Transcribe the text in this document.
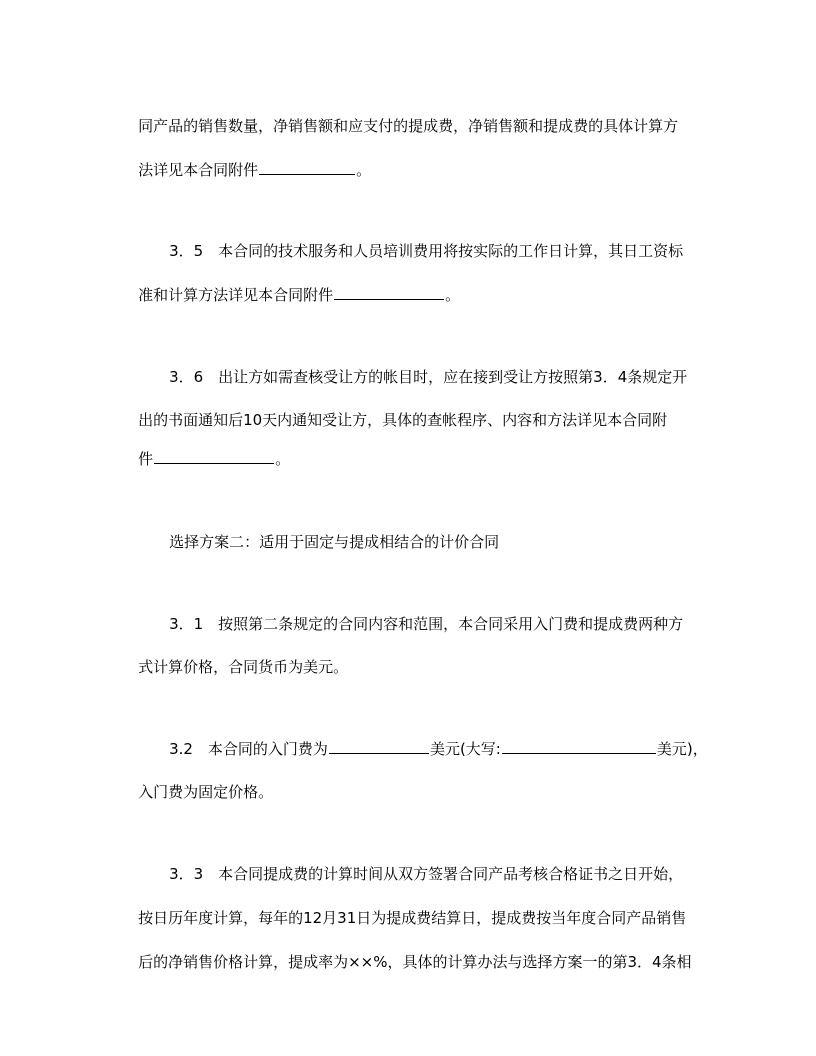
同产品的销售数量，净销售额和应支付的提成费，净销售额和提成费的具体计算方

法详见本合同附件	。

3．5　本合同的技术服务和人员培训费用将按实际的工作日计算，其日工资标

准和计算方法详见本合同附件	。

3．6　出让方如需查核受让方的帐目时，应在接到受让方按照第3．4条规定开

出的书面通知后10天内通知受让方，具体的查帐程序、内容和方法详见本合同附

件	。

选择方案二：适用于固定与提成相结合的计价合同

3．1　按照第二条规定的合同内容和范围，本合同采用入门费和提成费两种方

式计算价格，合同货币为美元。

3.2　本合同的入门费为	美元(大写:	美元)，

入门费为固定价格。

3．3　本合同提成费的计算时间从双方签署合同产品考核合格证书之日开始，

按日历年度计算，每年的12月31日为提成费结算日，提成费按当年度合同产品销售

后的净销售价格计算，提成率为××%，具体的计算办法与选择方案一的第3．4条相
